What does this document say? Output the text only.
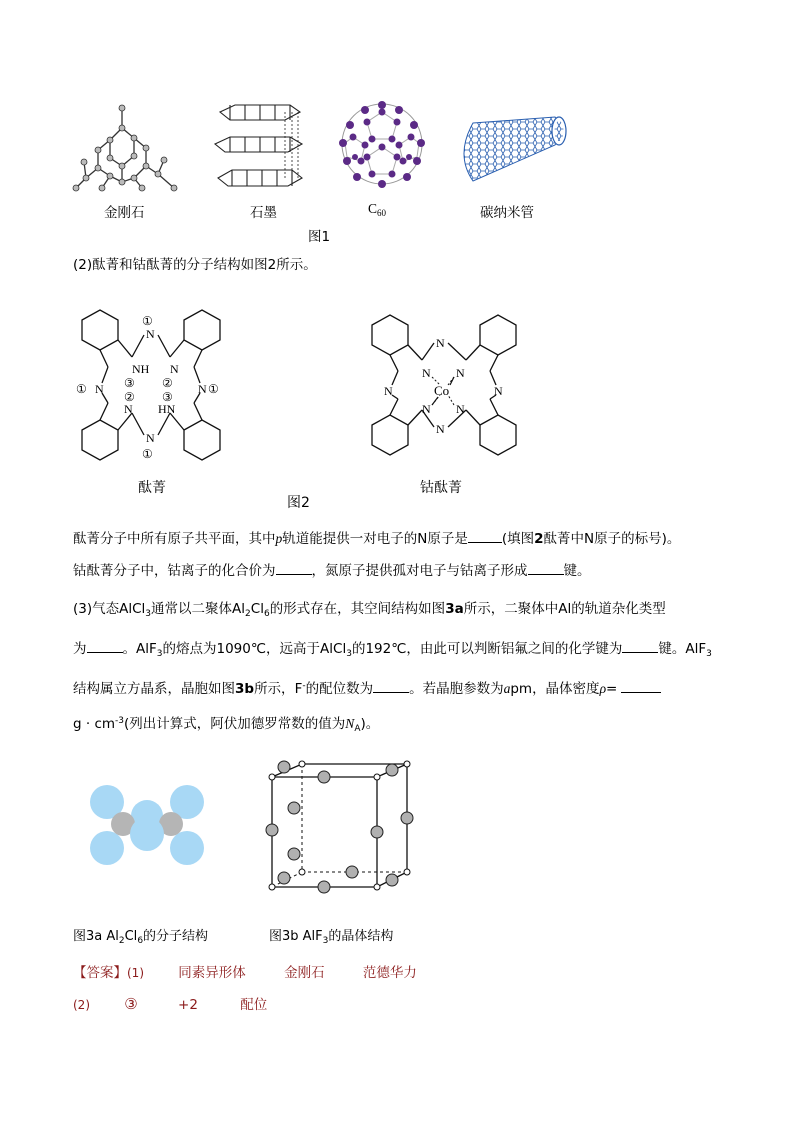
金刚石	石墨	$C_{60}$	碳纳米管
图1
(2)酞菁和钴酞菁的分子结构如图2所示。
N
N
N	N
NH
HN
N
N
①
①
①	①
③
②
②
③	Co
N
N
N	N
N N
N N
酞菁
图2
钴酞菁
酞菁分子中所有原子共平面，其中p轨道能提供一对电子的N原子是	(填图2酞菁中N原子的标号)。
钴酞菁分子中，钴离子的化合价为	，氮原子提供孤对电子与钴离子形成	键。
(3)气态AlCl$_3$通常以二聚体$Al_2Cl_6$的形式存在，其空间结构如图3a所示，二聚体中Al的轨道杂化类型
为	。AlF$_3$的熔点为1090℃，远高于AlCl$_3$的192℃，由此可以判断铝氟之间的化学键为	键。AlF$_3$
结构属立方晶系，晶胞如图3b所示，F-的配位数为	。若晶胞参数为apm，晶体密度ρ=
$g \cdot cm^{-3}$(列出计算式，阿伏加德罗常数的值为$N_A$)。
图3a $Al_2Cl_6$的分子结构	图3b AlF$_3$的晶体结构
【答案】(1)	同素异形体	金刚石	范德华力
(2) ③	+2	配位
